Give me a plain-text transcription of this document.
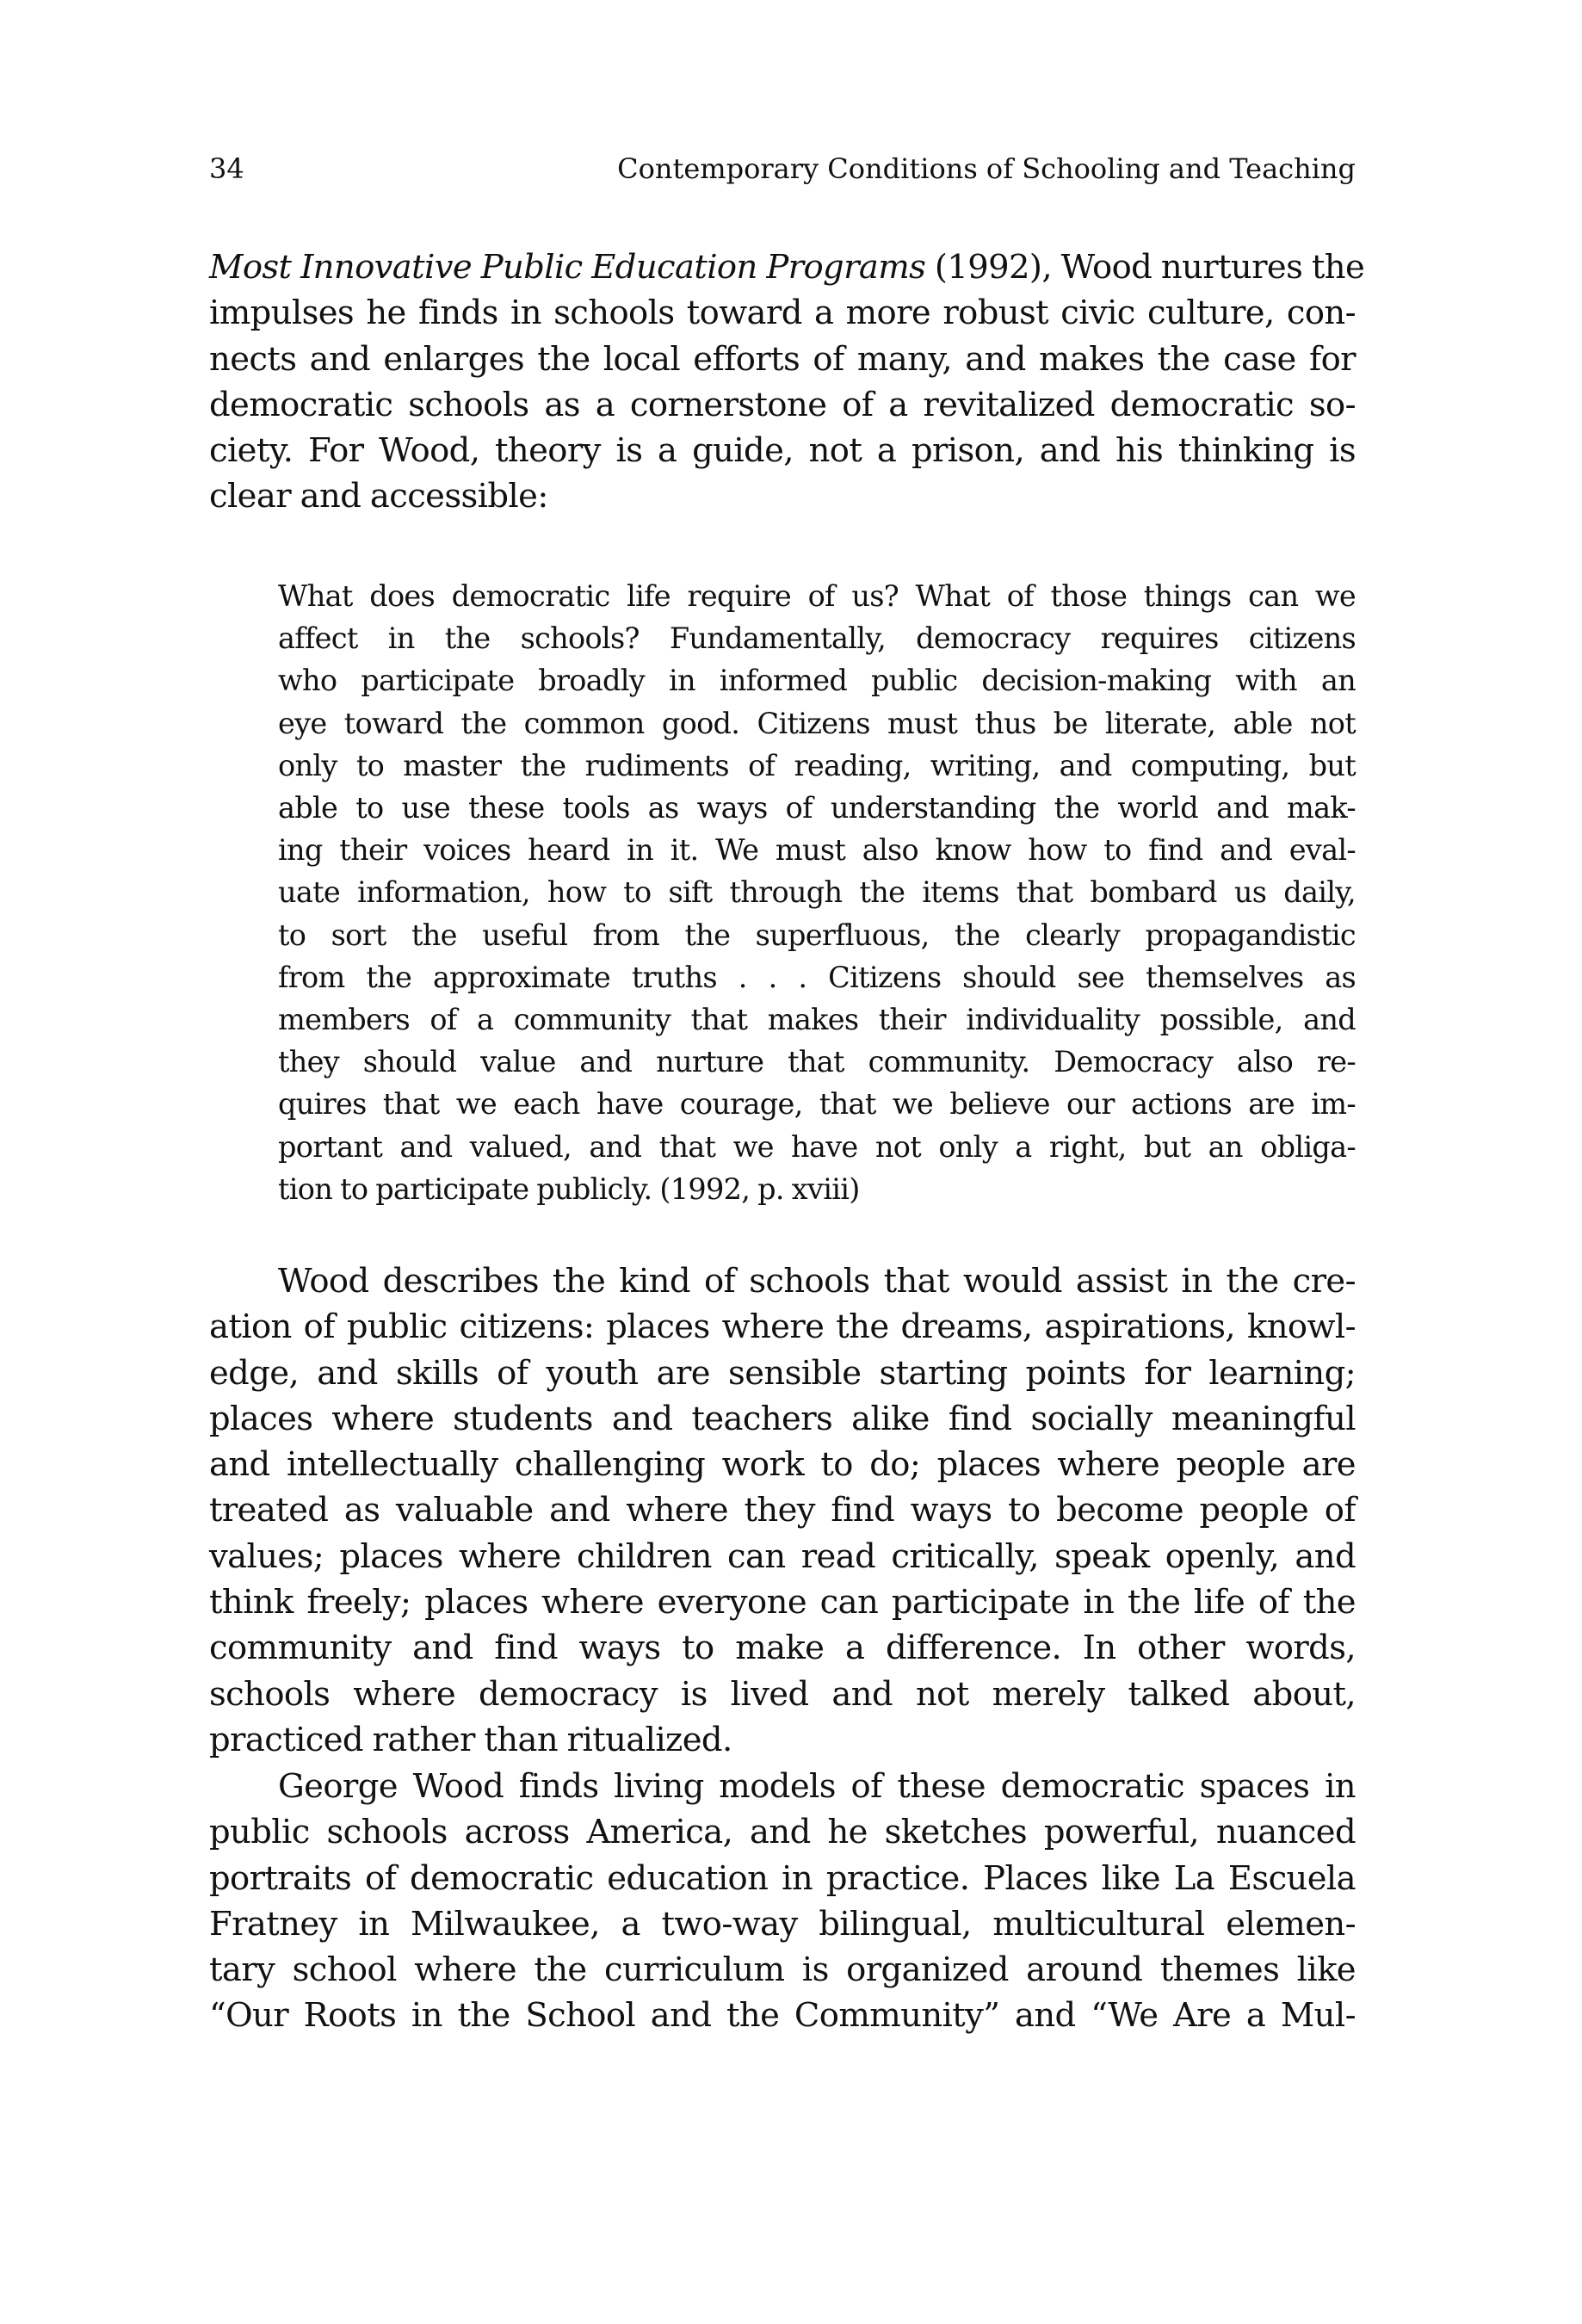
34	Contemporary Conditions of Schooling and Teaching
Most Innovative Public Education Programs (1992), Wood nurtures the
impulses he finds in schools toward a more robust civic culture, con-
nects and enlarges the local efforts of many, and makes the case for
democratic schools as a cornerstone of a revitalized democratic so-
ciety. For Wood, theory is a guide, not a prison, and his thinking is
clear and accessible:
What does democratic life require of us? What of those things can we
affect in the schools? Fundamentally, democracy requires citizens
who participate broadly in informed public decision-making with an
eye toward the common good. Citizens must thus be literate, able not
only to master the rudiments of reading, writing, and computing, but
able to use these tools as ways of understanding the world and mak-
ing their voices heard in it. We must also know how to find and eval-
uate information, how to sift through the items that bombard us daily,
to sort the useful from the superfluous, the clearly propagandistic
from the approximate truths . . . Citizens should see themselves as
members of a community that makes their individuality possible, and
they should value and nurture that community. Democracy also re-
quires that we each have courage, that we believe our actions are im-
portant and valued, and that we have not only a right, but an obliga-
tion to participate publicly. (1992, p. xviii)
Wood describes the kind of schools that would assist in the cre-
ation of public citizens: places where the dreams, aspirations, knowl-
edge, and skills of youth are sensible starting points for learning;
places where students and teachers alike find socially meaningful
and intellectually challenging work to do; places where people are
treated as valuable and where they find ways to become people of
values; places where children can read critically, speak openly, and
think freely; places where everyone can participate in the life of the
community and find ways to make a difference. In other words,
schools where democracy is lived and not merely talked about,
practiced rather than ritualized.
George Wood finds living models of these democratic spaces in
public schools across America, and he sketches powerful, nuanced
portraits of democratic education in practice. Places like La Escuela
Fratney in Milwaukee, a two-way bilingual, multicultural elemen-
tary school where the curriculum is organized around themes like
“Our Roots in the School and the Community” and “We Are a Mul-
